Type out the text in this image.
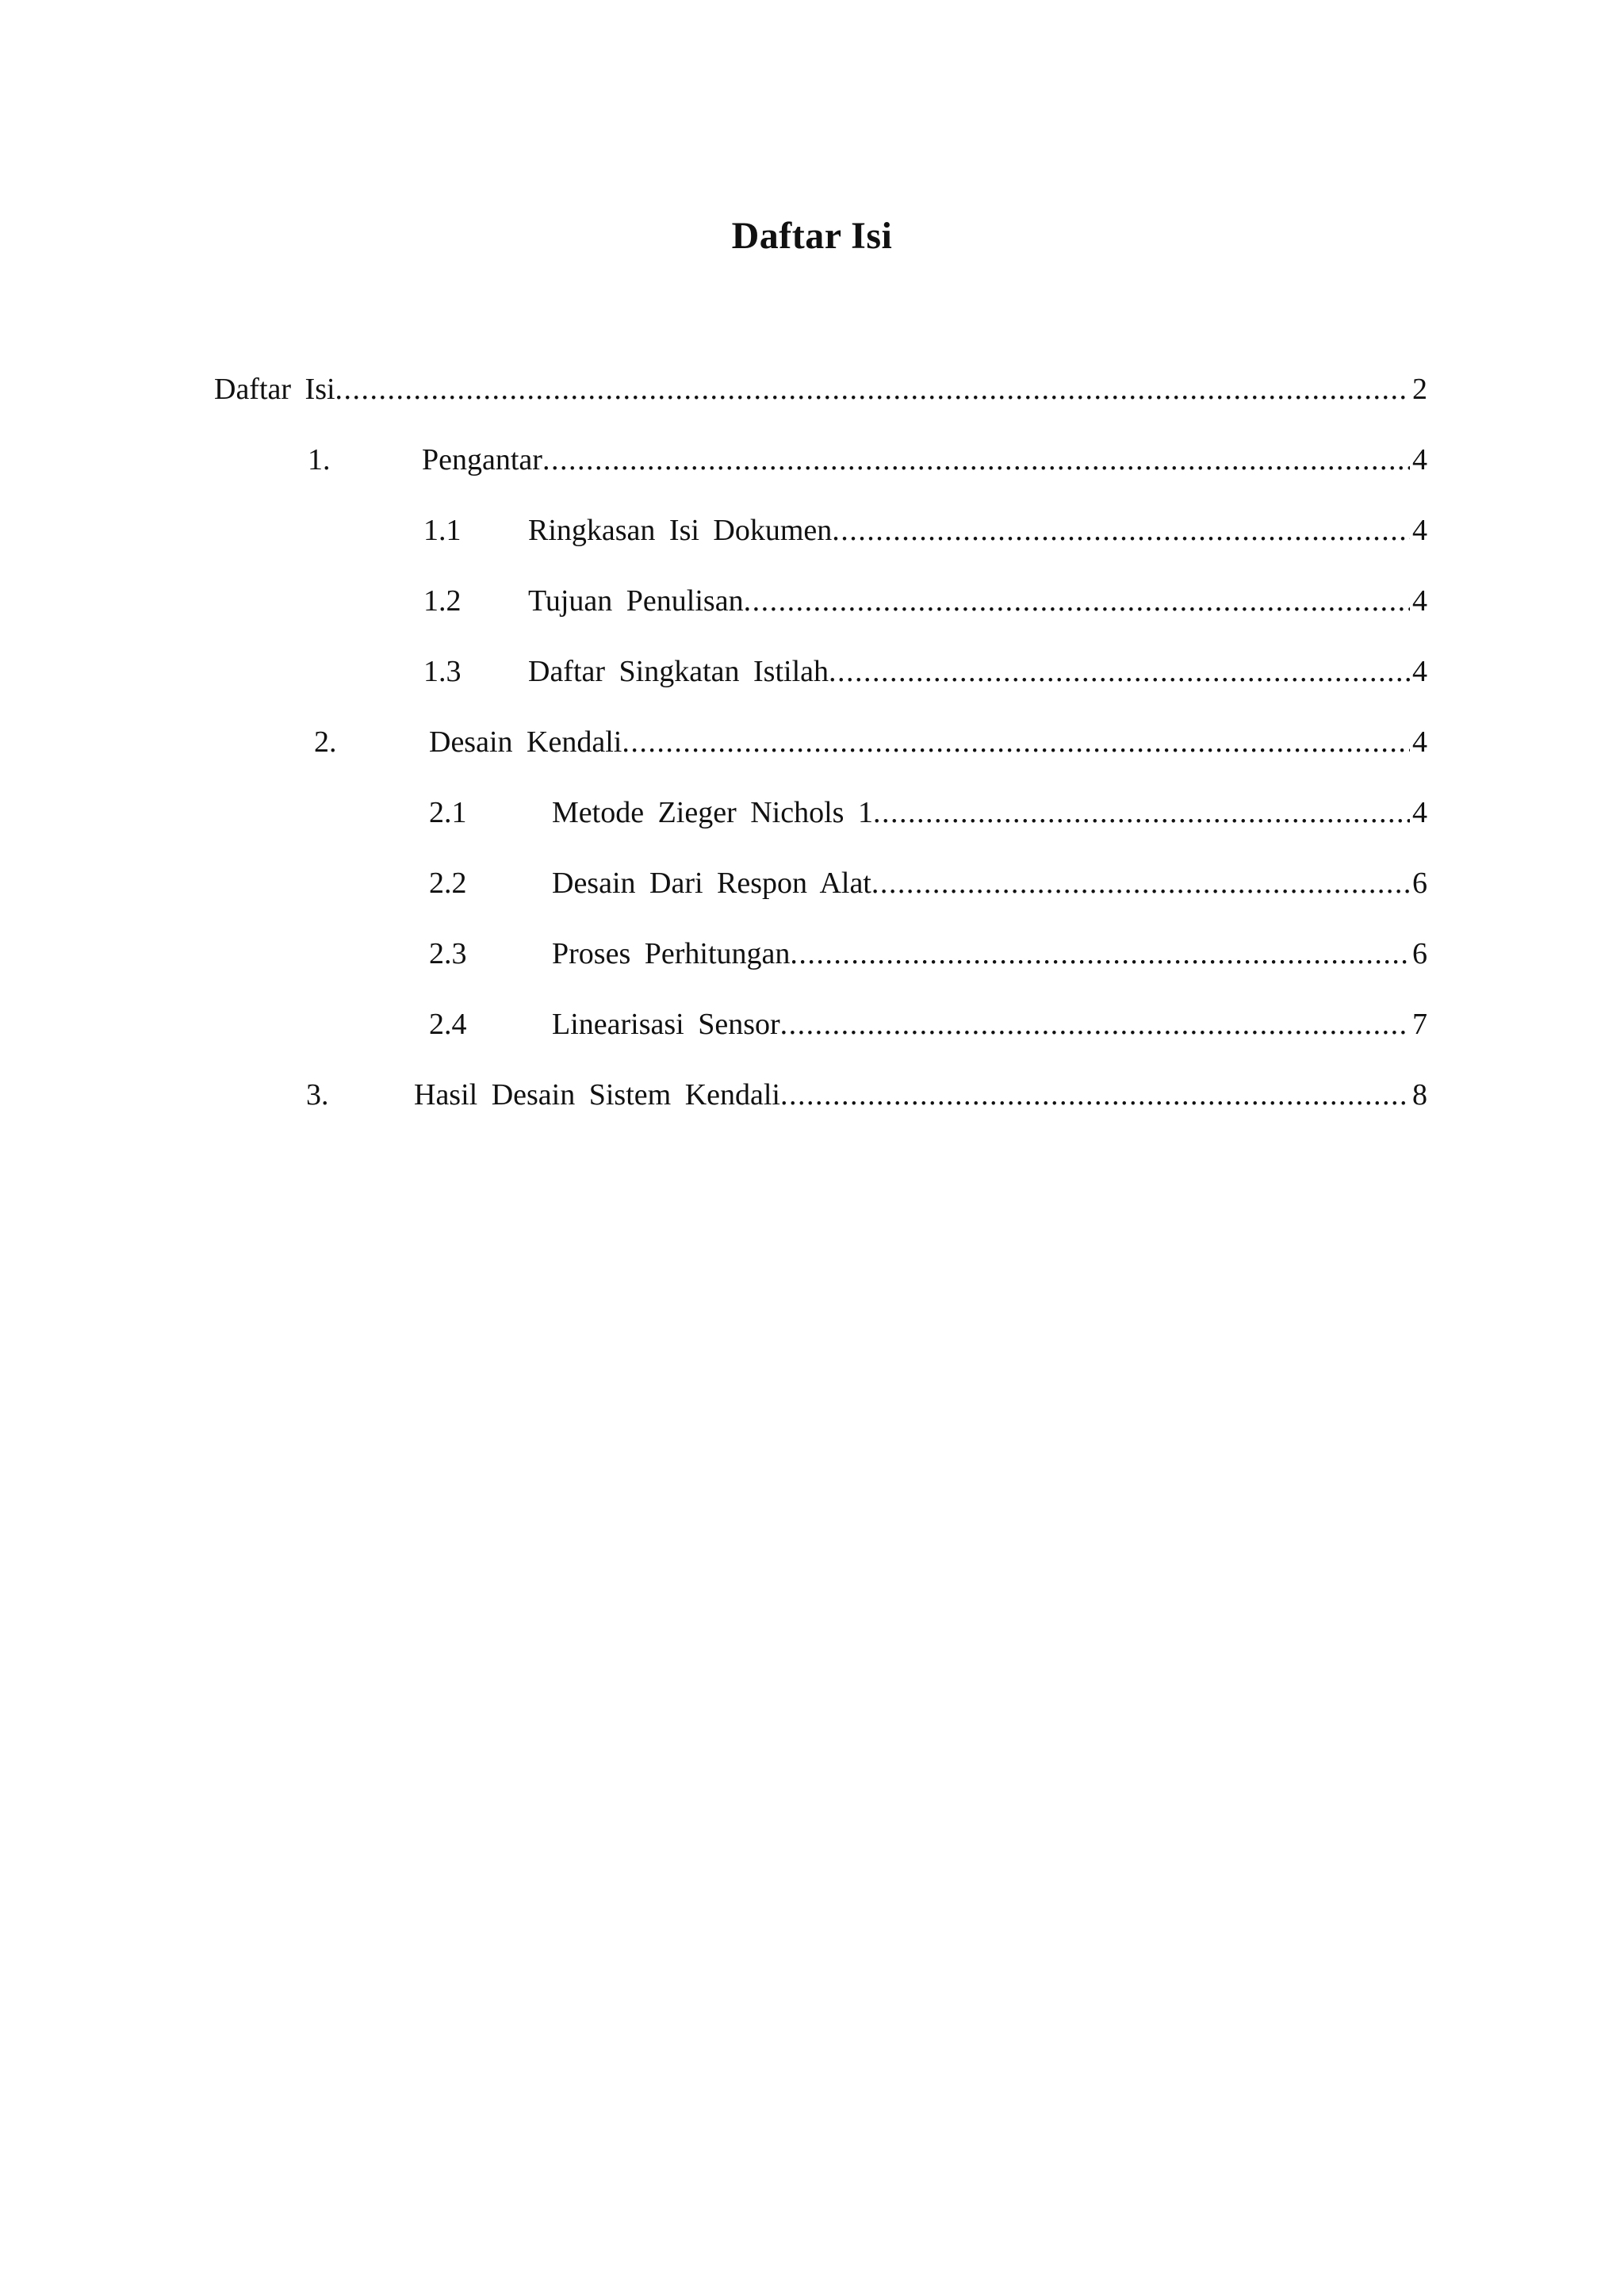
Daftar Isi
Daftar Isi .....	2
1.	Pengantar .....	4
1.1 Ringkasan Isi Dokumen .....	4
1.2 Tujuan Penulisan .....	4
1.3 Daftar Singkatan Istilah .....	4
2.	Desain Kendali .....	4
2.1	Metode Zieger Nichols 1 .....	4
2.2	Desain Dari Respon Alat .....	6
2.3	Proses Perhitungan .....	6
2.4	Linearisasi Sensor .....	7
3.	Hasil Desain Sistem Kendali .....	8
